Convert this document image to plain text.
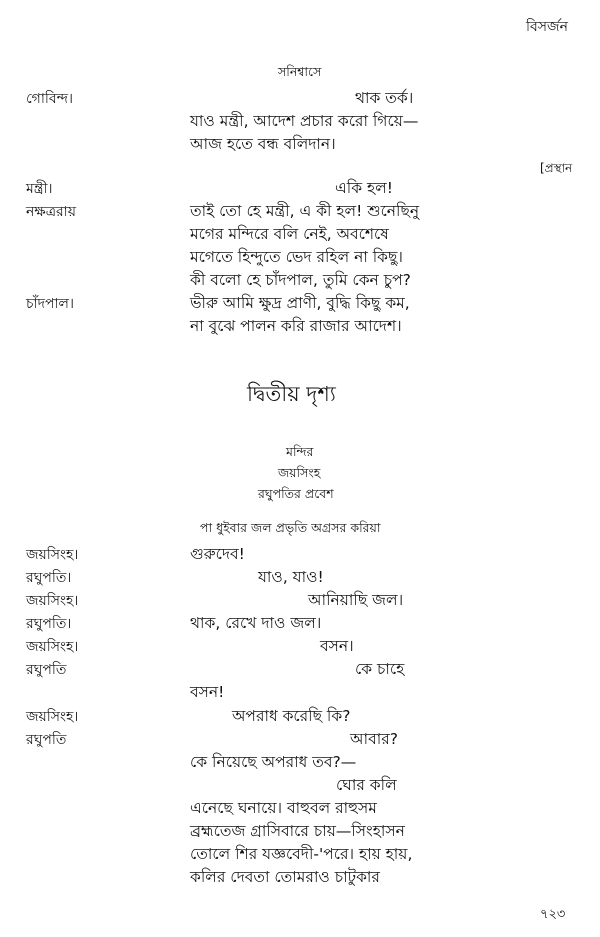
বিসর্জন
সনিশ্বাসে
গোবিন্দ।	থাক তর্ক।
যাও মন্ত্রী, আদেশ প্রচার করো গিয়ে—
আজ হতে বন্ধ বলিদান।
[প্রস্থান
মন্ত্রী।	একি হল!
নক্ষত্ররায়	তাই তো হে মন্ত্রী, এ কী হল! শুনেছিনু
মগের মন্দিরে বলি নেই, অবশেষে
মগেতে হিন্দুতে ভেদ রহিল না কিছু।
কী বলো হে চাঁদপাল, তুমি কেন চুপ?
চাঁদপাল।	ভীরু আমি ক্ষুদ্র প্রাণী, বুদ্ধি কিছু কম,
না বুঝে পালন করি রাজার আদেশ।
দ্বিতীয় দৃশ্য
মন্দির
জয়সিংহ
রঘুপতির প্রবেশ
পা ধুইবার জল প্রভৃতি অগ্রসর করিয়া
জয়সিংহ।	গুরুদেব!
রঘুপতি।	যাও, যাও!
জয়সিংহ।	আনিয়াছি জল।
রঘুপতি।	থাক, রেখে দাও জল।
জয়সিংহ।	বসন।
রঘুপতি	কে চাহে
বসন!
জয়সিংহ।	অপরাধ করেছি কি?
রঘুপতি	আবার?
কে নিয়েছে অপরাধ তব?—
ঘোর কলি
এনেছে ঘনায়ে। বাহুবল রাহুসম
ব্রহ্মতেজ গ্রাসিবারে চায়—সিংহাসন
তোলে শির যজ্ঞবেদী-'পরে। হায় হায়,
কলির দেবতা তোমরাও চাটুকার
৭২৩
